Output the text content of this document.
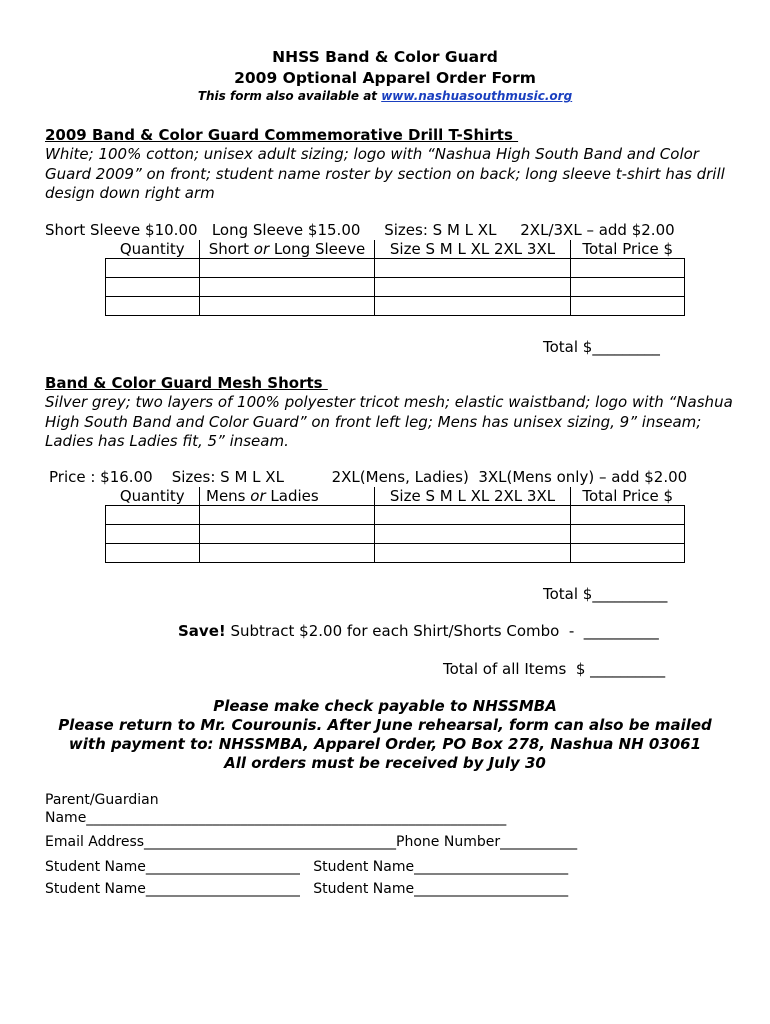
NHSS Band & Color Guard
2009 Optional Apparel Order Form
This form also available at www.nashuasouthmusic.org
2009 Band & Color Guard Commemorative Drill T-Shirts
White; 100% cotton; unisex adult sizing; logo with “Nashua High South Band and Color Guard 2009” on front; student name roster by section on back; long sleeve t-shirt has drill design down right arm
Short Sleeve $10.00   Long Sleeve $15.00     Sizes: S M L XL     2XL/3XL – add $2.00
Quantity	Short or Long Sleeve	Size S M L XL 2XL 3XL	Total Price $

Total $_________
Band & Color Guard Mesh Shorts
Silver grey; two layers of 100% polyester tricot mesh; elastic waistband; logo with “Nashua High South Band and Color Guard” on front left leg; Mens has unisex sizing, 9” inseam; Ladies has Ladies fit, 5” inseam.
Price : $16.00    Sizes: S M L XL          2XL(Mens, Ladies)  3XL(Mens only) – add $2.00
Quantity	Mens or Ladies	Size S M L XL 2XL 3XL	Total Price $

Total $__________
Save! Subtract $2.00 for each Shirt/Shorts Combo  -  __________
Total of all Items  $ __________
Please make check payable to NHSSMBA
Please return to Mr. Courounis. After June rehearsal, form can also be mailed
with payment to: NHSSMBA, Apparel Order, PO Box 278, Nashua NH 03061
All orders must be received by July 30
Parent/Guardian
Name____________________________________________________________
Email Address____________________________________Phone Number___________
Student Name______________________   Student Name______________________
Student Name______________________   Student Name______________________
